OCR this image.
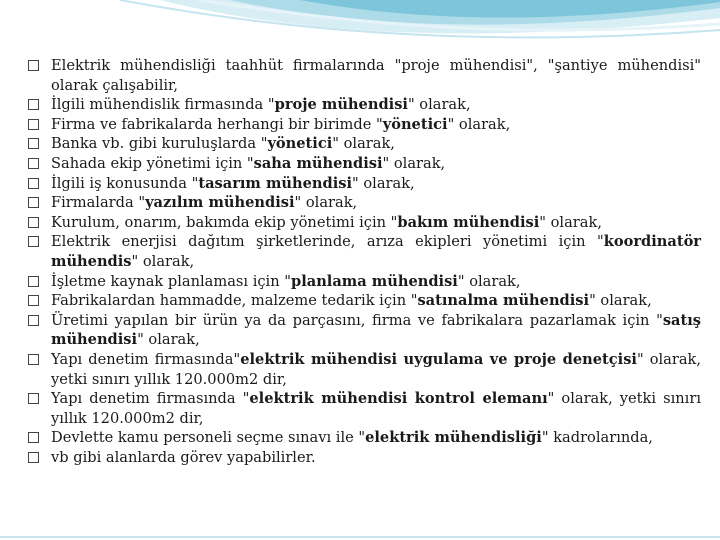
Elektrik mühendisliği taahhüt firmalarında "proje mühendisi", "şantiye mühendisi" olarak çalışabilir,
İlgili mühendislik firmasında "proje mühendisi" olarak,
Firma ve fabrikalarda herhangi bir birimde "yönetici" olarak,
Banka vb. gibi kuruluşlarda "yönetici" olarak,
Sahada ekip yönetimi için "saha mühendisi" olarak,
İlgili iş konusunda "tasarım mühendisi" olarak,
Firmalarda "yazılım mühendisi" olarak,
Kurulum, onarım, bakımda ekip yönetimi için "bakım mühendisi" olarak,
Elektrik enerjisi dağıtım şirketlerinde, arıza ekipleri yönetimi için "koordinatör mühendis" olarak,
İşletme kaynak planlaması için "planlama mühendisi" olarak,
Fabrikalardan hammadde, malzeme tedarik için "satınalma mühendisi" olarak,
Üretimi yapılan bir ürün ya da parçasını, firma ve fabrikalara pazarlamak için "satış mühendisi" olarak,
Yapı denetim firmasında"elektrik mühendisi uygulama ve proje denetçisi" olarak, yetki sınırı yıllık 120.000m2 dir,
Yapı denetim firmasında "elektrik mühendisi kontrol elemanı" olarak, yetki sınırı yıllık 120.000m2 dir,
Devlette kamu personeli seçme sınavı ile "elektrik mühendisliği" kadrolarında,
vb gibi alanlarda görev yapabilirler.
